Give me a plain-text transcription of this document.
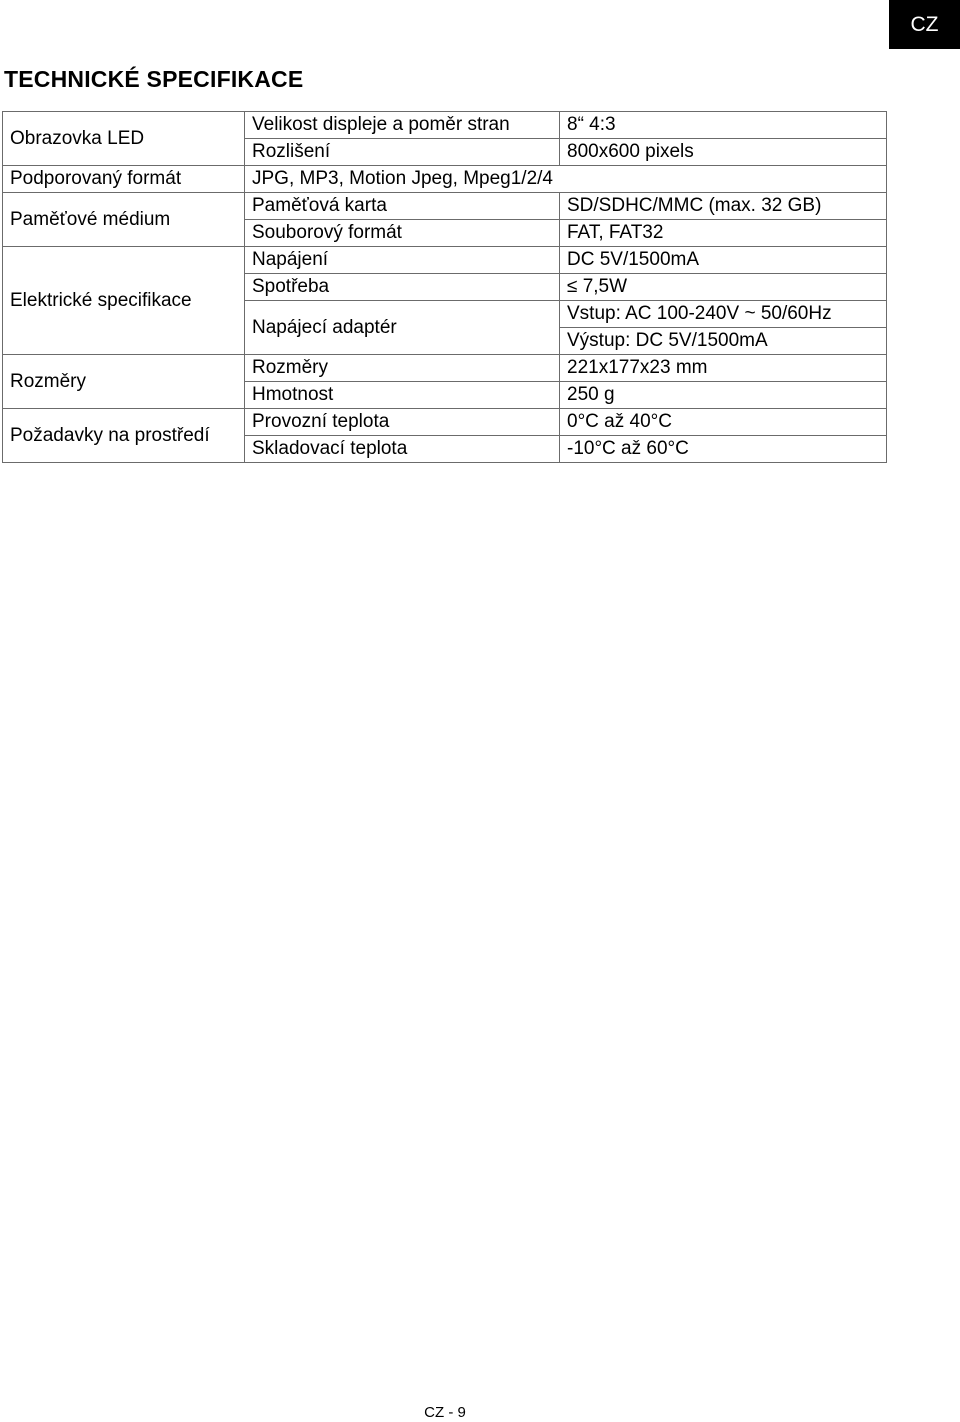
CZ
TECHNICKÉ SPECIFIKACE
Obrazovka LED	Velikost displeje a poměr stran	8“ 4:3
	Rozlišení	800x600 pixels
Podporovaný formát	JPG, MP3, Motion Jpeg, Mpeg1/2/4	
Paměťové médium	Paměťová karta	SD/SDHC/MMC (max. 32 GB)
	Souborový formát	FAT, FAT32
Elektrické specifikace	Napájení	DC 5V/1500mA
	Spotřeba	≤ 7,5W
	Napájecí adaptér	Vstup: AC 100-240V ~ 50/60Hz
		Výstup: DC 5V/1500mA
Rozměry	Rozměry	221x177x23 mm
	Hmotnost	250 g
Požadavky na prostředí	Provozní teplota	0°C až 40°C
	Skladovací teplota	-10°C až 60°C
CZ - 9
